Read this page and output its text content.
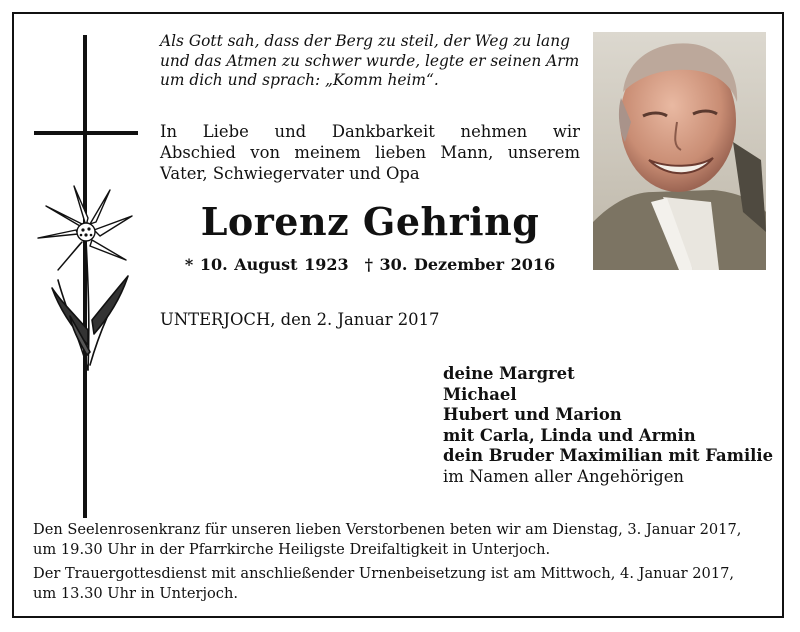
Als Gott sah, dass der Berg zu steil, der Weg zu lang
und das Atmen zu schwer wurde, legte er seinen Arm
um dich und sprach: „Komm heim“.
In Liebe und Dankbarkeit nehmen wir
Abschied von meinem lieben Mann, unserem
Vater, Schwiegervater und Opa
Lorenz Gehring
* 10. August 1923 † 30. Dezember 2016
UNTERJOCH, den 2. Januar 2017
deine Margret
Michael
Hubert und Marion
mit Carla, Linda und Armin
dein Bruder Maximilian mit Familie
im Namen aller Angehörigen
Den Seelenrosenkranz für unseren lieben Verstorbenen beten wir am Dienstag, 3. Januar 2017,
um 19.30 Uhr in der Pfarrkirche Heiligste Dreifaltigkeit in Unterjoch.
Der Trauergottesdienst mit anschließender Urnenbeisetzung ist am Mittwoch, 4. Januar 2017,
um 13.30 Uhr in Unterjoch.
